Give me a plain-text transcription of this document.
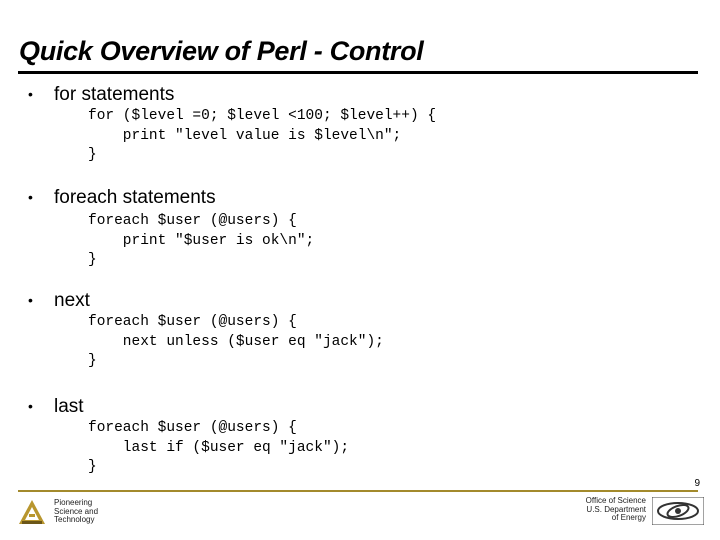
Quick Overview of Perl - Control
• for statements
for ($level =0; $level <100; $level++) {
print "level value is $level\n";
}
• foreach statements
foreach $user (@users) {
print "$user is ok\n";
}
• next
foreach $user (@users) {
next unless ($user eq "jack");
}
• last
foreach $user (@users) {
last if ($user eq "jack");
}
9
Pioneering
Science and
Technology
Office of Science
U.S. Department
of Energy
